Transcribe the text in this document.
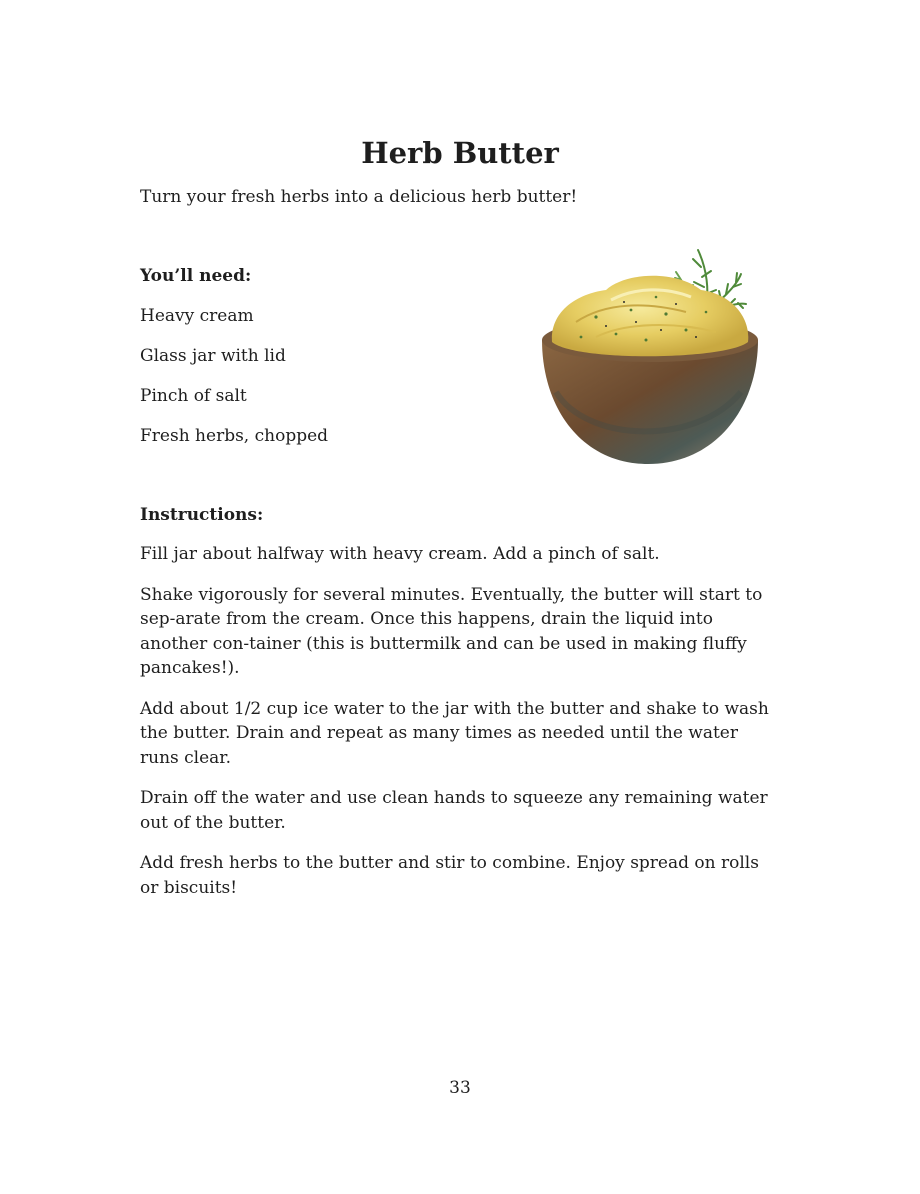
Herb Butter

Turn your fresh herbs into a delicious herb butter!

You’ll need:

Heavy cream
Glass jar with lid
Pinch of salt
Fresh herbs, chopped

Instructions:

Fill jar about halfway with heavy cream. Add a pinch of salt.

Shake vigorously for several minutes. Eventually, the butter will start to sep-arate from the cream. Once this happens, drain the liquid into another con-tainer (this is buttermilk and can be used in making fluffy pancakes!).

Add about 1/2 cup ice water to the jar with the butter and shake to wash the butter. Drain and repeat as many times as needed until the water runs clear.

Drain off the water and use clean hands to squeeze any remaining water out of the butter.

Add fresh herbs to the butter and stir to combine. Enjoy spread on rolls or biscuits!

33
